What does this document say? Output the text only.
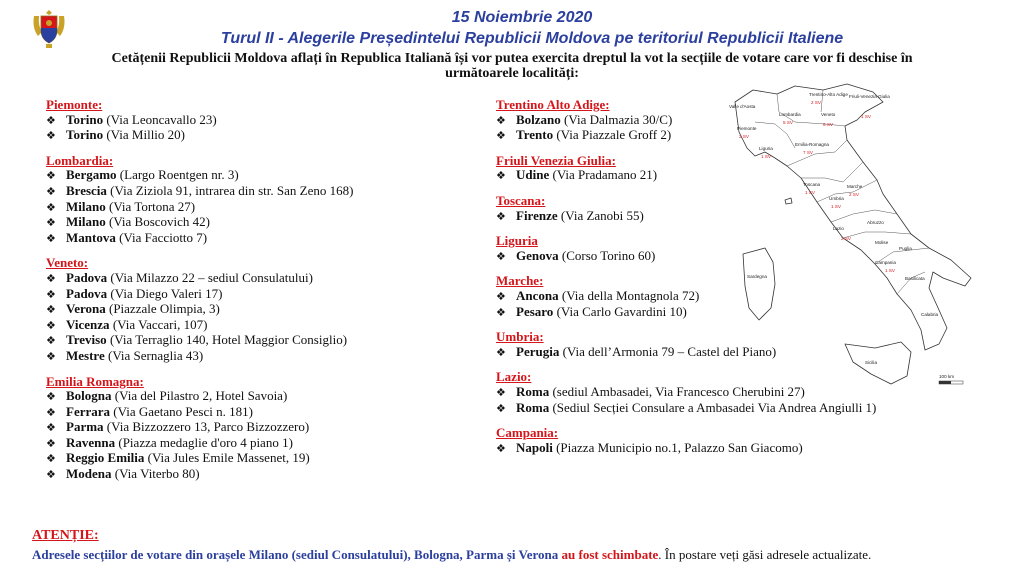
15 Noiembrie 2020
Turul II - Alegerile Președintelui Republicii Moldova pe teritoriul Republicii Italiene
Cetățenii Republicii Moldova aflați în Republica Italiană își vor putea exercita dreptul la vot la secțiile de votare care vor fi deschise în următoarele localități:
Piemonte:
❖ Torino (Via Leoncavallo 23)
❖ Torino (Via Millio 20)
Lombardia:
❖ Bergamo (Largo Roentgen nr. 3)
❖ Brescia (Via Ziziola 91, intrarea din str. San Zeno 168)
❖ Milano (Via Tortona 27)
❖ Milano (Via Boscovich 42)
❖ Mantova (Via Facciotto 7)
Veneto:
❖ Padova (Via Milazzo 22 – sediul Consulatului)
❖ Padova (Via Diego Valeri 17)
❖ Verona (Piazzale Olimpia, 3)
❖ Vicenza (Via Vaccari, 107)
❖ Treviso (Via Terraglio 140, Hotel Maggior Consiglio)
❖ Mestre (Via Sernaglia 43)
Emilia Romagna:
❖ Bologna (Via del Pilastro 2, Hotel Savoia)
❖ Ferrara (Via Gaetano Pesci n. 181)
❖ Parma (Via Bizzozzero 13, Parco Bizzozzero)
❖ Ravenna (Piazza medaglie d'oro 4 piano 1)
❖ Reggio Emilia (Via Jules Emile Massenet, 19)
❖ Modena (Via Viterbo 80)
Trentino Alto Adige:
❖ Bolzano (Via Dalmazia 30/C)
❖ Trento (Via Piazzale Groff 2)
Friuli Venezia Giulia:
❖ Udine (Via Pradamano 21)
Toscana:
❖ Firenze (Via Zanobi 55)
Liguria
❖ Genova (Corso Torino 60)
Marche:
❖ Ancona (Via della Montagnola 72)
❖ Pesaro (Via Carlo Gavardini 10)
Umbria:
❖ Perugia (Via dell’Armonia 79 – Castel del Piano)
Lazio:
❖ Roma (sediul Ambasadei, Via Francesco Cherubini 27)
❖ Roma (Sediul Secției Consulare a Ambasadei Via Andrea Angiulli 1)
Campania:
❖ Napoli (Piazza Municipio no.1, Palazzo San Giacomo)
Valle d'Aosta
Trentino-Alto Adige
2 SV
Friuli-Venezia Giulia
1 SV
Lombardia
5 SV
Veneto
6 SV
Piemonte
2 SV
Liguria
1 SV
Emilia-Romagna
7 SV
Toscana
1 SV
Marche
2 SV
Umbria
1 SV
Abruzzo
Lazio
2 SV
Molise
Campania
1 SV
Puglia
Basilicata
Calabria
Sardegna
Sicilia
100 km
ATENȚIE:
Adresele secțiilor de votare din orașele Milano (sediul Consulatului), Bologna, Parma și Verona au fost schimbate. În postare veți găsi adresele actualizate.
